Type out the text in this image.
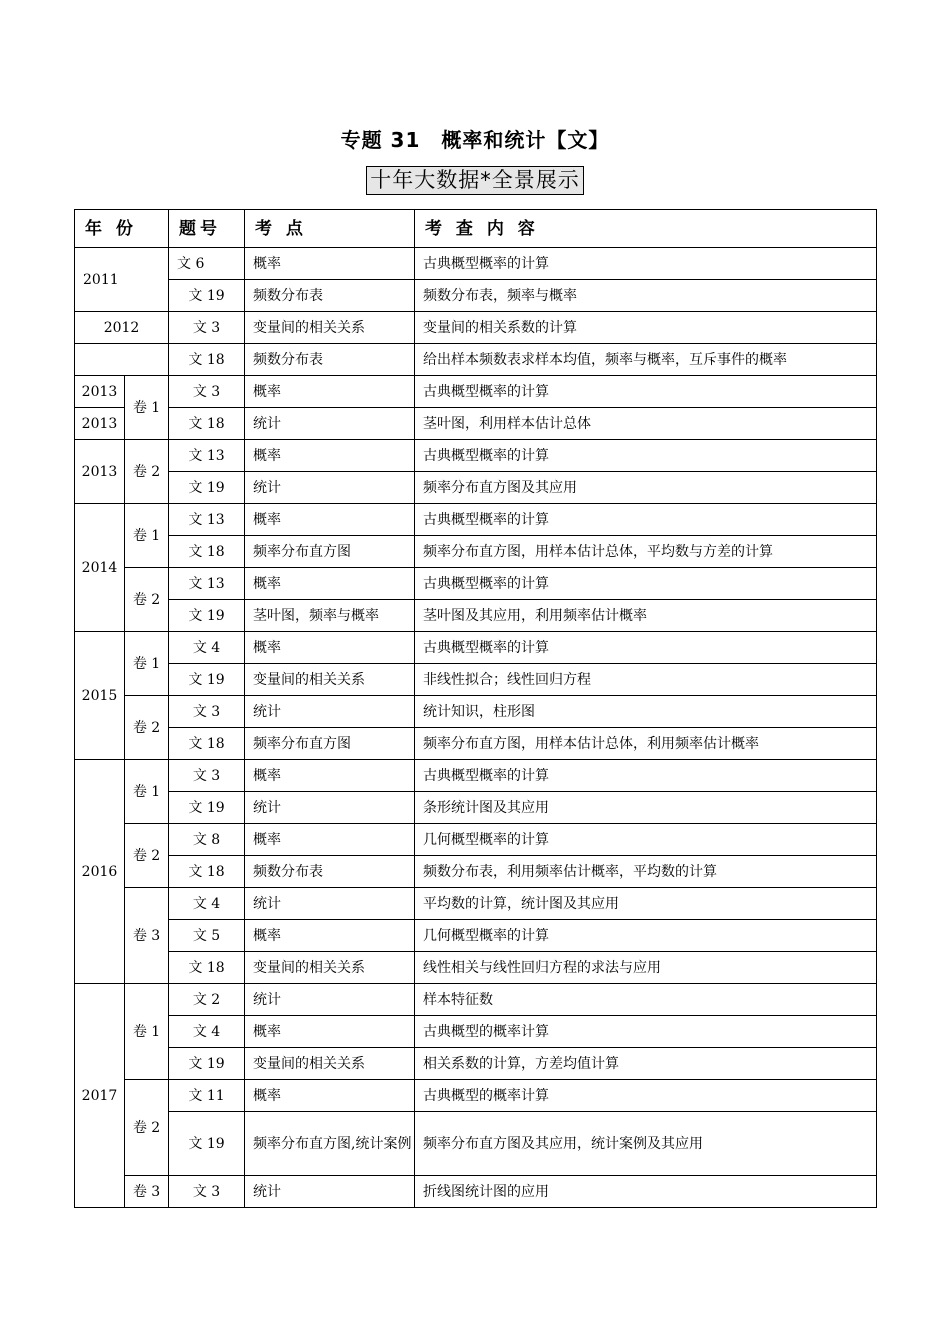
专题 31　概率和统计【文】
十年大数据*全景展示
年 份		题号	考 点	考 查 内 容
2011		文 6	概率	古典概型概率的计算
		文 19	频数分布表	频数分布表，频率与概率
2012		文 3	变量间的相关关系	变量间的相关系数的计算
		文 18	频数分布表	给出样本频数表求样本均值，频率与概率，互斥事件的概率
2013	卷 1	文 3	概率	古典概型概率的计算
2013		文 18	统计	茎叶图，利用样本估计总体
2013	卷 2	文 13	概率	古典概型概率的计算
		文 19	统计	频率分布直方图及其应用
2014	卷 1	文 13	概率	古典概型概率的计算
		文 18	频率分布直方图	频率分布直方图，用样本估计总体，平均数与方差的计算
	卷 2	文 13	概率	古典概型概率的计算
		文 19	茎叶图，频率与概率	茎叶图及其应用，利用频率估计概率
2015	卷 1	文 4	概率	古典概型概率的计算
		文 19	变量间的相关关系	非线性拟合；线性回归方程
	卷 2	文 3	统计	统计知识，柱形图
		文 18	频率分布直方图	频率分布直方图，用样本估计总体，利用频率估计概率
2016	卷 1	文 3	概率	古典概型概率的计算
		文 19	统计	条形统计图及其应用
	卷 2	文 8	概率	几何概型概率的计算
		文 18	频数分布表	频数分布表，利用频率估计概率，平均数的计算
	卷 3	文 4	统计	平均数的计算，统计图及其应用
		文 5	概率	几何概型概率的计算
		文 18	变量间的相关关系	线性相关与线性回归方程的求法与应用
2017	卷 1	文 2	统计	样本特征数
		文 4	概率	古典概型的概率计算
		文 19	变量间的相关关系	相关系数的计算，方差均值计算
	卷 2	文 11	概率	古典概型的概率计算
		文 19	频率分布直方图,统计案例	频率分布直方图及其应用，统计案例及其应用
	卷 3	文 3	统计	折线图统计图的应用
